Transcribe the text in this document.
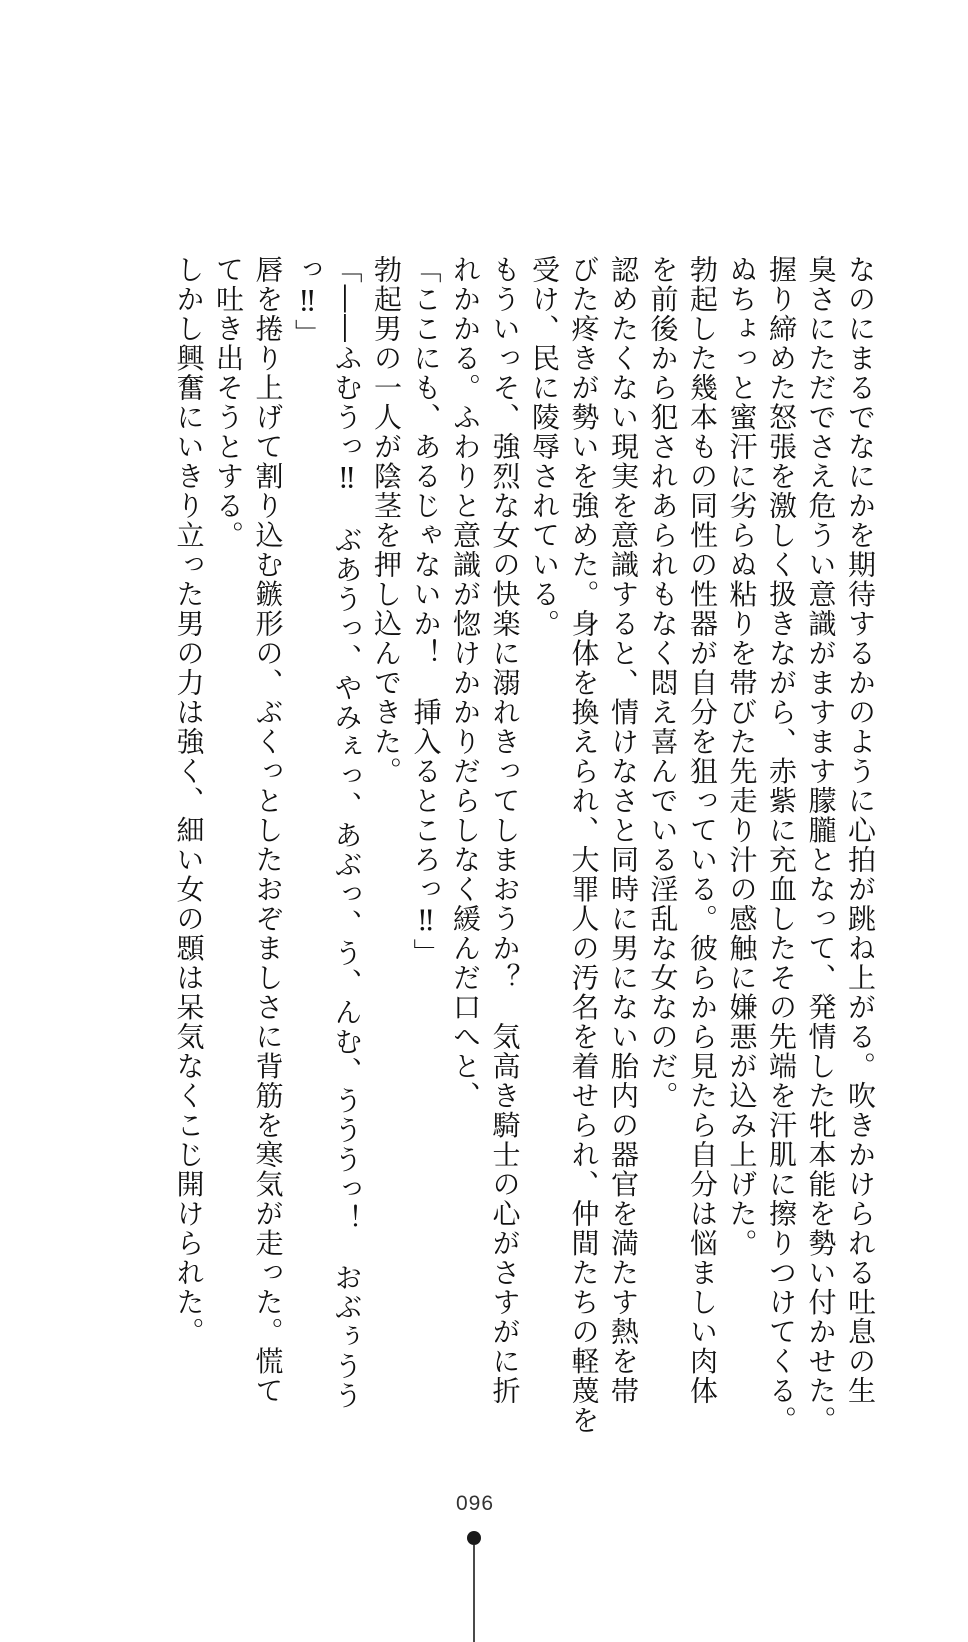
なのにまるでなにかを期待するかのように心拍が跳ね上がる。吹きかけられる吐息の生
臭さにただでさえ危うい意識がますます朦朧となって、発情した牝本能を勢い付かせた。
握り締めた怒張を激しく扱きながら、赤紫に充血したその先端を汗肌に擦りつけてくる。
ぬちょっと蜜汗に劣らぬ粘りを帯びた先走り汁の感触に嫌悪が込み上げた。
勃起した幾本もの同性の性器が自分を狙っている。彼らから見たら自分は悩ましい肉体
を前後から犯されあられもなく悶え喜んでいる淫乱な女なのだ。
認めたくない現実を意識すると、情けなさと同時に男にない胎内の器官を満たす熱を帯
びた疼きが勢いを強めた。身体を換えられ、大罪人の汚名を着せられ、仲間たちの軽蔑を
受け、民に陵辱されている。
もういっそ、強烈な女の快楽に溺れきってしまおうか？　気高き騎士の心がさすがに折
れかかる。ふわりと意識が惚けかかりだらしなく緩んだ口へと、
「ここにも、あるじゃないか！　挿入るところっ‼」
勃起男の一人が陰茎を押し込んできた。
「――ふむうっ‼　ぶあうっ、やみぇっ、あぶっ、う、んむ、うううっ！　おぶぅうう
っ‼」
唇を捲り上げて割り込む鏃形の、ぶくっとしたおぞましさに背筋を寒気が走った。慌て
て吐き出そうとする。
しかし興奮にいきり立った男の力は強く、細い女の顋は呆気なくこじ開けられた。
096
